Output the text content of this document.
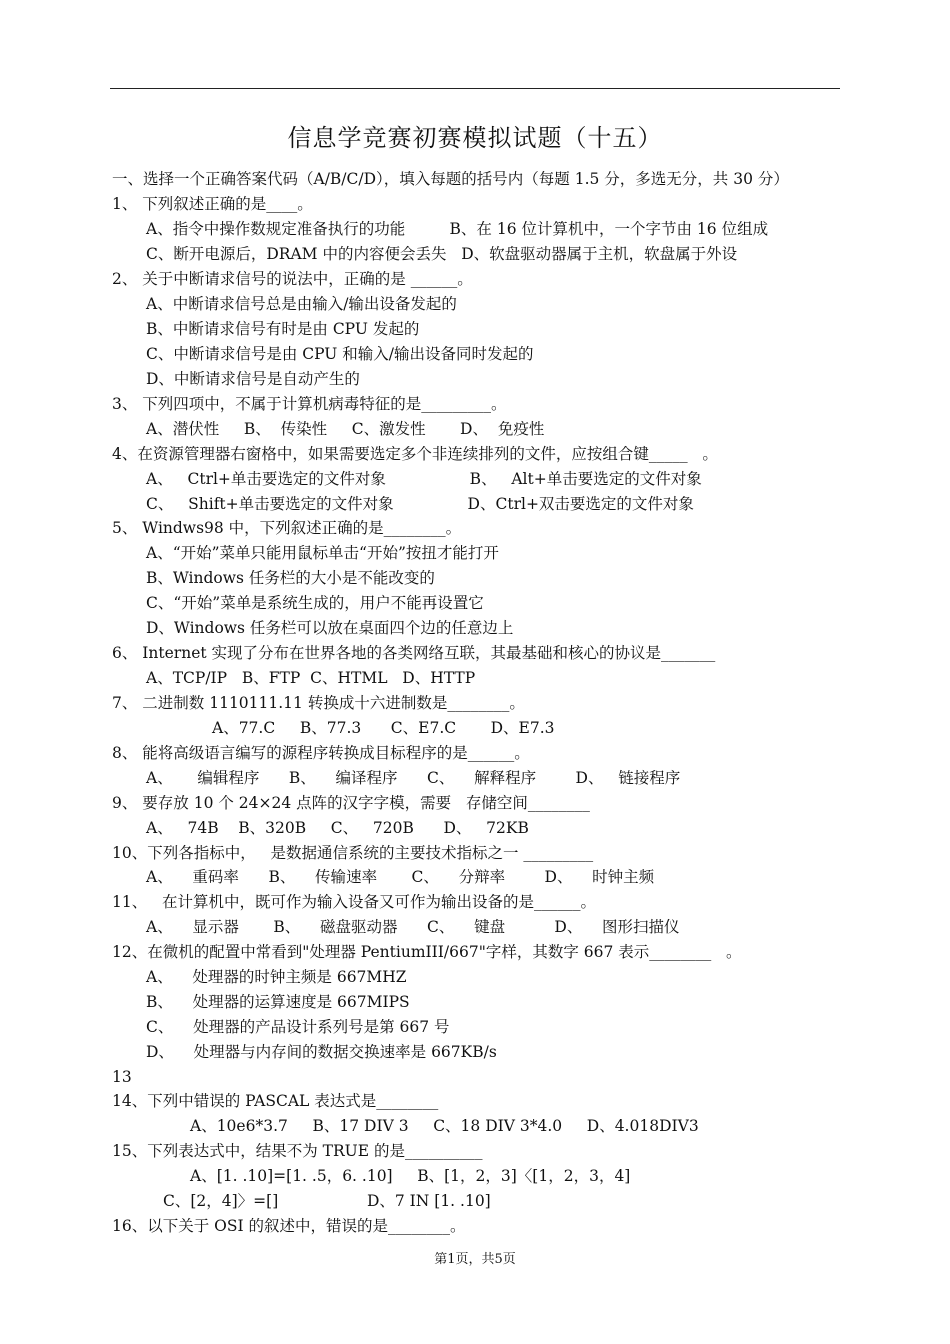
信息学竞赛初赛模拟试题（十五）
一、选择一个正确答案代码（A/B/C/D），填入每题的括号内（每题 1.5 分，多选无分，共 30 分）
1、 下列叙述正确的是____。
A、指令中操作数规定准备执行的功能         B、在 16 位计算机中，一个字节由 16 位组成
C、断开电源后，DRAM 中的内容便会丢失   D、软盘驱动器属于主机，软盘属于外设
2、 关于中断请求信号的说法中，正确的是 ______。
A、中断请求信号总是由输入/输出设备发起的
B、中断请求信号有时是由 CPU 发起的
C、中断请求信号是由 CPU 和输入/输出设备同时发起的
D、中断请求信号是自动产生的
3、 下列四项中，不属于计算机病毒特征的是_________。
A、潜伏性     B、  传染性     C、激发性       D、  免疫性
4、在资源管理器右窗格中，如果需要选定多个非连续排列的文件，应按组合键_____   。
A、   Ctrl+单击要选定的文件对象                 B、   Alt+单击要选定的文件对象
C、   Shift+单击要选定的文件对象               D、Ctrl+双击要选定的文件对象
5、 Windws98 中，下列叙述正确的是________。
A、“开始”菜单只能用鼠标单击“开始”按扭才能打开
B、Windows 任务栏的大小是不能改变的
C、“开始”菜单是系统生成的，用户不能再设置它
D、Windows 任务栏可以放在桌面四个边的任意边上
6、 Internet 实现了分布在世界各地的各类网络互联，其最基础和核心的协议是_______
A、TCP/IP   B、FTP  C、HTML   D、HTTP
7、 二进制数 1110111.11 转换成十六进制数是________。
A、77.C     B、77.3      C、E7.C       D、E7.3
8、 能将高级语言编写的源程序转换成目标程序的是______。
A、     编辑程序      B、    编译程序      C、    解释程序        D、   链接程序
9、 要存放 10 个 24×24 点阵的汉字字模，需要   存储空间________
A、   74B    B、320B     C、   720B      D、   72KB
10、下列各指标中，   是数据通信系统的主要技术指标之一 _________
A、    重码率      B、    传输速率       C、    分辩率        D、    时钟主频
11、   在计算机中，既可作为输入设备又可作为输出设备的是______。
A、    显示器       B、    磁盘驱动器      C、    键盘          D、    图形扫描仪
12、在微机的配置中常看到"处理器 PentiumIII/667"字样，其数字 667 表示________   。
A、    处理器的时钟主频是 667MHZ
B、    处理器的运算速度是 667MIPS
C、    处理器的产品设计系列号是第 667 号
D、    处理器与内存间的数据交换速率是 667KB/s
13
14、下列中错误的 PASCAL 表达式是________
A、10e6*3.7     B、17 DIV 3     C、18 DIV 3*4.0     D、4.018DIV3
15、下列表达式中，结果不为 TRUE 的是__________
A、[1. .10]=[1. .5，6. .10]     B、[1，2，3]〈[1，2，3，4]
C、[2，4]〉=[]                  D、7 IN [1. .10]
16、以下关于 OSI 的叙述中，错误的是________。
第1页，共5页
